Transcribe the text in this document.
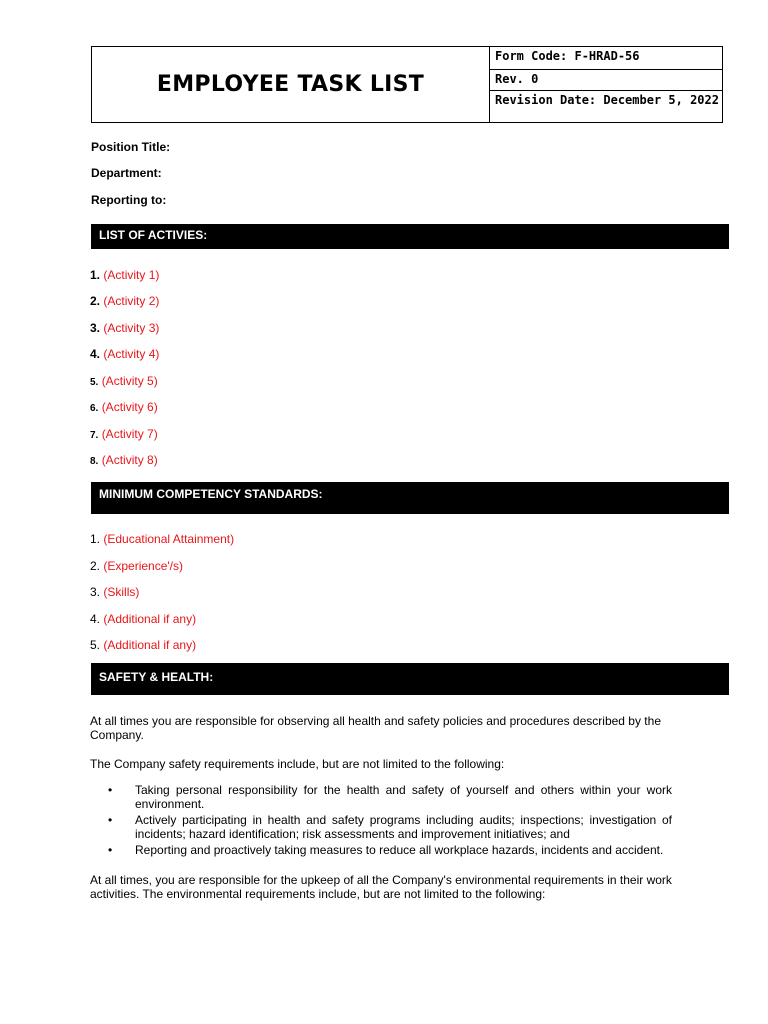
EMPLOYEE TASK LIST
Form Code: F-HRAD-56
Rev. 0
Revision Date: December 5, 2022
Position Title:
Department:
Reporting to:
LIST OF ACTIVIES:
1. (Activity 1)
2. (Activity 2)
3. (Activity 3)
4. (Activity 4)
5. (Activity 5)
6. (Activity 6)
7. (Activity 7)
8. (Activity 8)
MINIMUM COMPETENCY STANDARDS:
1. (Educational Attainment)
2. (Experience'/s)
3. (Skills)
4. (Additional if any)
5. (Additional if any)
SAFETY & HEALTH:
At all times you are responsible for observing all health and safety policies and procedures described by the Company.
The Company safety requirements include, but are not limited to the following:
• Taking personal responsibility for the health and safety of yourself and others within your work environment.
• Actively participating in health and safety programs including audits; inspections; investigation of incidents; hazard identification; risk assessments and improvement initiatives; and
• Reporting and proactively taking measures to reduce all workplace hazards, incidents and accident.
At all times, you are responsible for the upkeep of all the Company's environmental requirements in their work activities. The environmental requirements include, but are not limited to the following:
